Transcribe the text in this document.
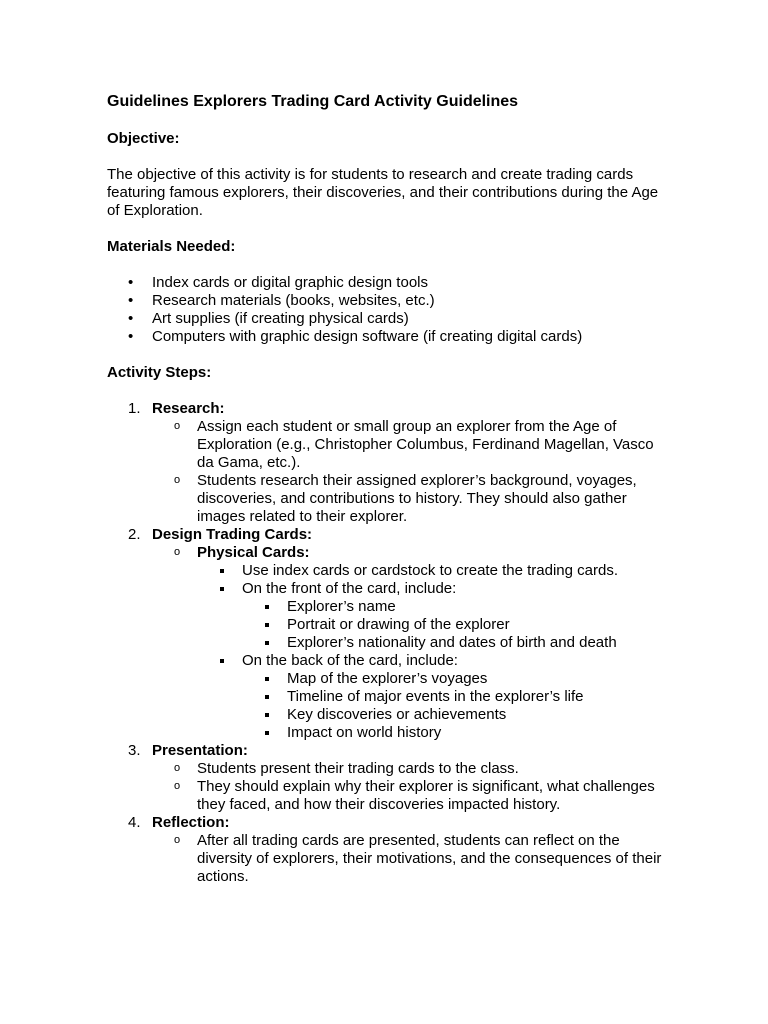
Guidelines Explorers Trading Card Activity Guidelines
Objective:
The objective of this activity is for students to research and create trading cards featuring famous explorers, their discoveries, and their contributions during the Age of Exploration.
Materials Needed:
• Index cards or digital graphic design tools
• Research materials (books, websites, etc.)
• Art supplies (if creating physical cards)
• Computers with graphic design software (if creating digital cards)
Activity Steps:
1. Research:
o Assign each student or small group an explorer from the Age of Exploration (e.g., Christopher Columbus, Ferdinand Magellan, Vasco da Gama, etc.).
o Students research their assigned explorer’s background, voyages, discoveries, and contributions to history. They should also gather images related to their explorer.
2. Design Trading Cards:
o Physical Cards:
Use index cards or cardstock to create the trading cards.
On the front of the card, include:
Explorer’s name
Portrait or drawing of the explorer
Explorer’s nationality and dates of birth and death
On the back of the card, include:
Map of the explorer’s voyages
Timeline of major events in the explorer’s life
Key discoveries or achievements
Impact on world history
3. Presentation:
o Students present their trading cards to the class.
o They should explain why their explorer is significant, what challenges they faced, and how their discoveries impacted history.
4. Reflection:
o After all trading cards are presented, students can reflect on the diversity of explorers, their motivations, and the consequences of their actions.
